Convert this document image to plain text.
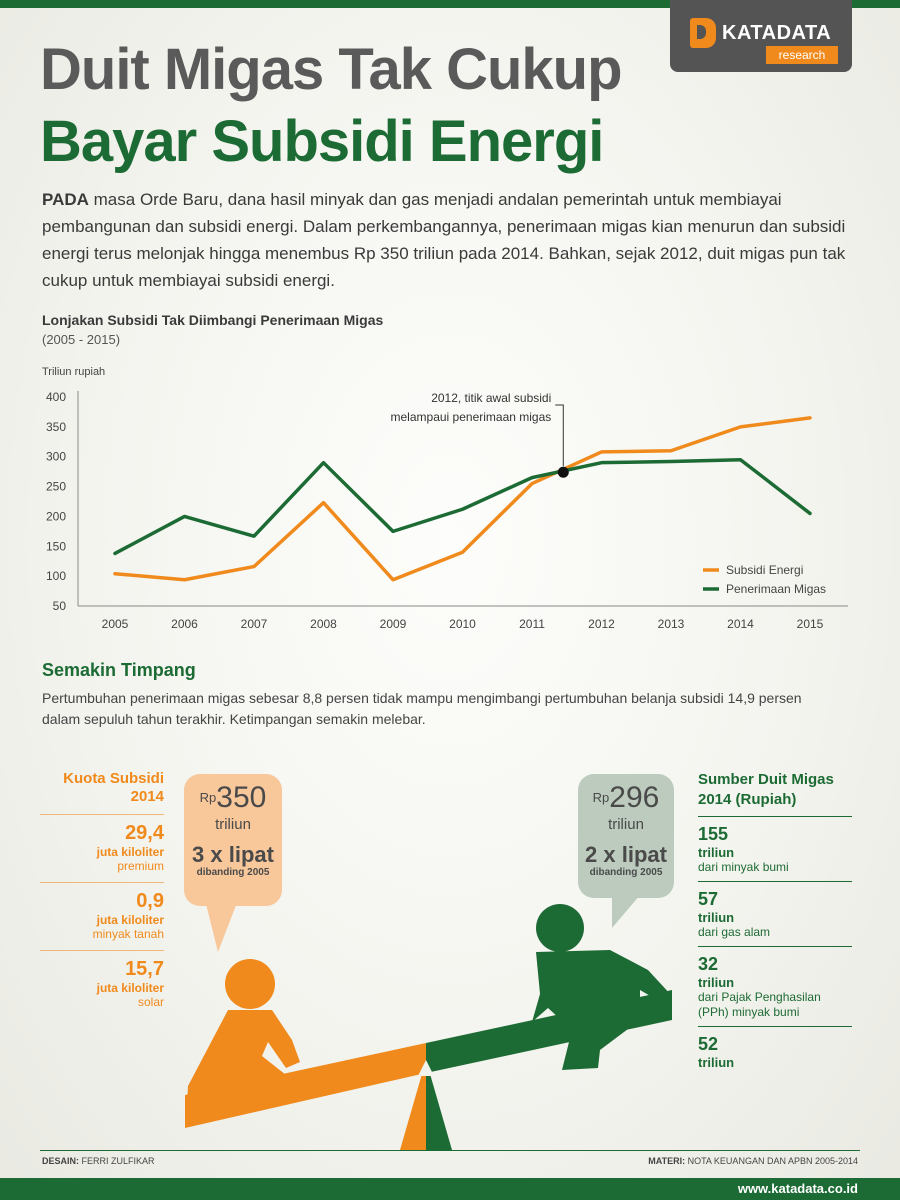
KATADATA
research
Duit Migas Tak Cukup
Bayar Subsidi Energi

PADA masa Orde Baru, dana hasil minyak dan gas menjadi andalan pemerintah untuk membiayai pembangunan dan subsidi energi. Dalam perkembangannya, penerimaan migas kian menurun dan subsidi energi terus melonjak hingga menembus Rp 350 triliun pada 2014. Bahkan, sejak 2012, duit migas pun tak cukup untuk membiayai subsidi energi.

Lonjakan Subsidi Tak Diimbangi Penerimaan Migas
(2005 - 2015)
Triliun rupiah
50
100
150
200
250
300
350
400
2005	2006	2007	2008	2009	2010	2011	2012	2013	2014	2015
2012, titik awal subsidi
melampaui penerimaan migas
Subsidi Energi
Penerimaan Migas
Semakin Timpang

Pertumbuhan penerimaan migas sebesar 8,8 persen tidak mampu mengimbangi pertumbuhan belanja subsidi 14,9 persen dalam sepuluh tahun terakhir. Ketimpangan semakin melebar.

Kuota Subsidi
2014
29,4
juta kiloliter
premium
0,9
juta kiloliter
minyak tanah
15,7
juta kiloliter
solar
$^{Rp}$350
triliun
3 x lipat
dibanding 2005
$^{Rp}$296
triliun
2 x lipat
dibanding 2005
Sumber Duit Migas
2014 (Rupiah)
155
triliun
dari minyak bumi
57
triliun
dari gas alam
32
triliun
dari Pajak Penghasilan (PPh) minyak bumi
52
triliun
DESAIN: FERRI ZULFIKAR	MATERI: NOTA KEUANGAN DAN APBN 2005-2014
www.katadata.co.id
